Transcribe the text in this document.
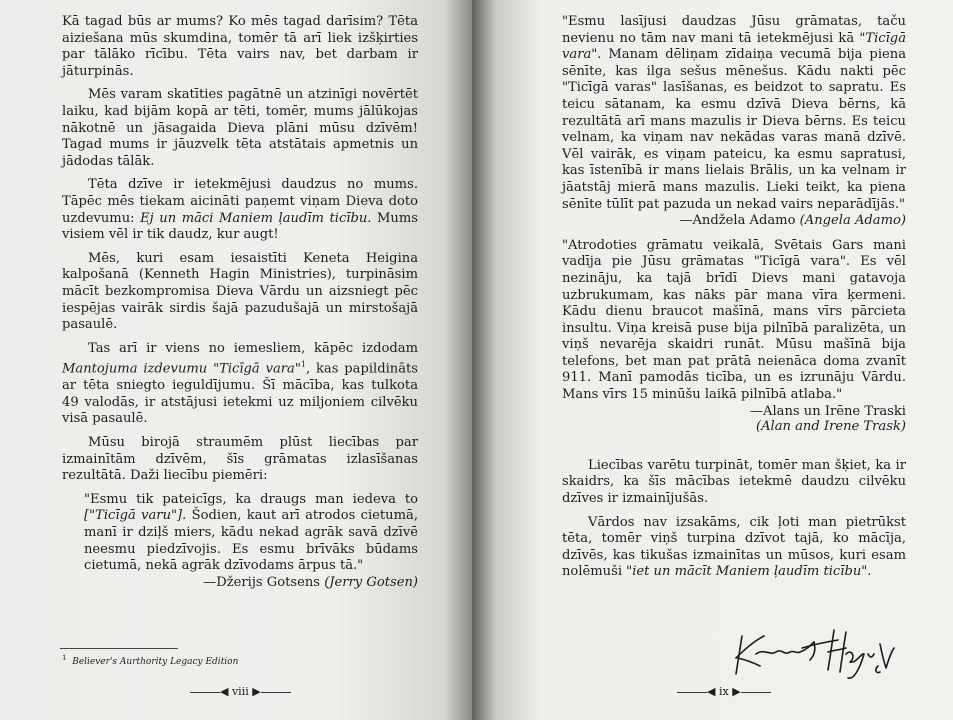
Kā tagad būs ar mums? Ko mēs tagad darīsim? Tēta aiziešana mūs skumdina, tomēr tā arī liek izšķirties par tālāko rīcību. Tēta vairs nav, bet darbam ir jāturpinās.

Mēs varam skatīties pagātnē un atzinīgi novērtēt laiku, kad bijām kopā ar tēti, tomēr, mums jālūkojas nākotnē un jāsagaida Dieva plāni mūsu dzīvēm! Tagad mums ir jāuzvelk tēta atstātais apmetnis un jādodas tālāk.

Tēta dzīve ir ietekmējusi daudzus no mums. Tāpēc mēs tiekam aicināti paņemt viņam Dieva doto uzdevumu: Ej un māci Maniem ļaudīm ticību. Mums visiem vēl ir tik daudz, kur augt!

Mēs, kuri esam iesaistīti Keneta Heigina kalpošanā (Kenneth Hagin Ministries), turpināsim mācīt bezkompromisa Dieva Vārdu un aizsniegt pēc iespējas vairāk sirdis šajā pazudušajā un mirstošajā pasaulē.

Tas arī ir viens no iemesliem, kāpēc izdodam Mantojuma izdevumu "Ticīgā vara"$^1$, kas papildināts ar tēta sniegto ieguldījumu. Šī mācība, kas tulkota 49 valodās, ir atstājusi ietekmi uz miljoniem cilvēku visā pasaulē.

Mūsu birojā straumēm plūst liecības par izmainītām dzīvēm, šīs grāmatas izlasīšanas rezultātā. Daži liecību piemēri:

"Esmu tik pateicīgs, ka draugs man iedeva to ["Ticīgā varu"]. Šodien, kaut arī atrodos cietumā, manī ir dziļš miers, kādu nekad agrāk savā dzīvē neesmu piedzīvojis. Es esmu brīvāks būdams cietumā, nekā agrāk dzīvodams ārpus tā."

—Džerijs Gotsens (Jerry Gotsen)

$^1$ Believer's Aurthority Legacy Edition
◀ viii ▶

"Esmu lasījusi daudzas Jūsu grāmatas, taču nevienu no tām nav mani tā ietekmējusi kā "Ticīgā vara". Manam dēliņam zīdaiņa vecumā bija piena sēnīte, kas ilga sešus mēnešus. Kādu nakti pēc "Ticīgā varas" lasīšanas, es beidzot to sapratu. Es teicu sātanam, ka esmu dzīvā Dieva bērns, kā rezultātā arī mans mazulis ir Dieva bērns. Es teicu velnam, ka viņam nav nekādas varas manā dzīvē. Vēl vairāk, es viņam pateicu, ka esmu sapratusi, kas īstenībā ir mans lielais Brālis, un ka velnam ir jāatstāj mierā mans mazulis. Lieki teikt, ka piena sēnīte tūlīt pat pazuda un nekad vairs neparādījās."

—Andžela Adamo (Angela Adamo)

"Atrodoties grāmatu veikalā, Svētais Gars mani vadīja pie Jūsu grāmatas "Ticīgā vara". Es vēl nezināju, ka tajā brīdī Dievs mani gatavoja uzbrukumam, kas nāks pār mana vīra ķermeni. Kādu dienu braucot mašīnā, mans vīrs pārcieta insultu. Viņa kreisā puse bija pilnībā paralizēta, un viņš nevarēja skaidri runāt. Mūsu mašīnā bija telefons, bet man pat prātā neienāca doma zvanīt 911. Manī pamodās ticība, un es izrunāju Vārdu. Mans vīrs 15 minūšu laikā pilnībā atlaba."

—Alans un Irēne Traski

(Alan and Irene Trask)

Liecības varētu turpināt, tomēr man šķiet, ka ir skaidrs, ka šīs mācības ietekmē daudzu cilvēku dzīves ir izmainījušās.

Vārdos nav izsakāms, cik ļoti man pietrūkst tēta, tomēr viņš turpina dzīvot tajā, ko mācīja, dzīvēs, kas tikušas izmainītas un mūsos, kuri esam nolēmuši "iet un mācīt Maniem ļaudīm ticību".

◀ ix ▶
